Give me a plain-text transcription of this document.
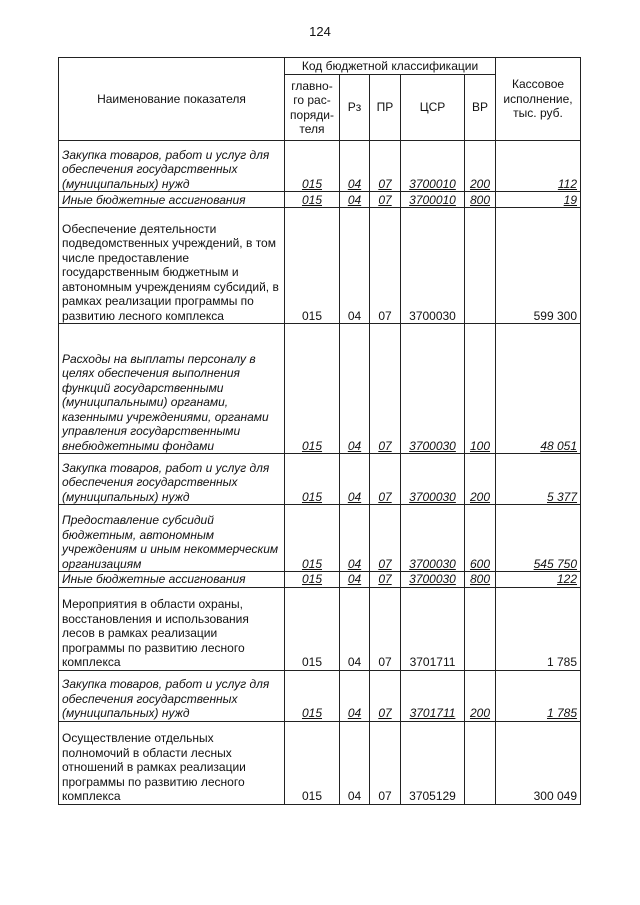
124
Наименование показателя	Код бюджетной классификации					Кассовое исполнение, тыс. руб.
	главно-го рас-поряди-теля	Рз	ПР	ЦСР	ВР	
Закупка товаров, работ и услуг для обеспечения государственных (муниципальных) нужд	015	04	07	3700010	200	112
Иные бюджетные ассигнования	015	04	07	3700010	800	19
Обеспечение деятельности подведомственных учреждений, в том числе предоставление государственным бюджетным и автономным учреждениям субсидий, в рамках реализации программы по развитию лесного комплекса	015	04	07	3700030		599 300
Расходы на выплаты персоналу в целях обеспечения выполнения функций государственными (муниципальными) органами, казенными учреждениями, органами управления государственными внебюджетными фондами	015	04	07	3700030	100	48 051
Закупка товаров, работ и услуг для обеспечения государственных (муниципальных) нужд	015	04	07	3700030	200	5 377
Предоставление субсидий бюджетным, автономным учреждениям и иным некоммерческим организациям	015	04	07	3700030	600	545 750
Иные бюджетные ассигнования	015	04	07	3700030	800	122
Мероприятия в области охраны, восстановления и использования лесов в рамках реализации программы по развитию лесного комплекса	015	04	07	3701711		1 785
Закупка товаров, работ и услуг для обеспечения государственных (муниципальных) нужд	015	04	07	3701711	200	1 785
Осуществление отдельных полномочий в области лесных отношений в рамках реализации программы по развитию лесного комплекса	015	04	07	3705129		300 049
